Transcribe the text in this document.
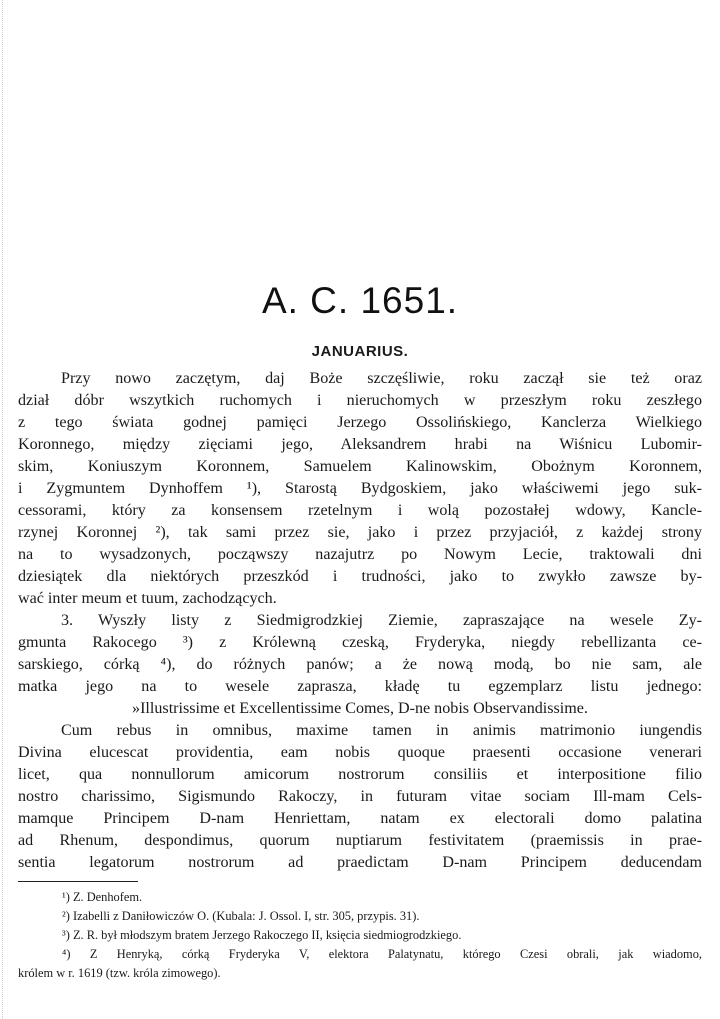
A. C. 1651.
JANUARIUS.
Przy nowo zaczętym, daj Boże szczęśliwie, roku zaczął sie też oraz
dział dóbr wszytkich ruchomych i nieruchomych w przeszłym roku zeszłego
z tego świata godnej pamięci Jerzego Ossolińskiego, Kanclerza Wielkiego
Koronnego, między zięciami jego, Aleksandrem hrabi na Wiśnicu Lubomir-
skim, Koniuszym Koronnem, Samuelem Kalinowskim, Obożnym Koronnem,
i Zygmuntem Dynhoffem ¹), Starostą Bydgoskiem, jako właściwemi jego suk-
cessorami, który za konsensem rzetelnym i wolą pozostałej wdowy, Kancle-
rzynej Koronnej ²), tak sami przez sie, jako i przez przyjaciół, z każdej strony
na to wysadzonych, począwszy nazajutrz po Nowym Lecie, traktowali dni
dziesiątek dla niektórych przeszkód i trudności, jako to zwykło zawsze by-
wać inter meum et tuum, zachodzących.
3. Wyszły listy z Siedmigrodzkiej Ziemie, zapraszające na wesele Zy-
gmunta Rakocego ³) z Królewną czeską, Fryderyka, niegdy rebellizanta ce-
sarskiego, córką ⁴), do różnych panów; a że nową modą, bo nie sam, ale
matka jego na to wesele zaprasza, kładę tu egzemplarz listu jednego:
»Illustrissime et Excellentissime Comes, D-ne nobis Observandissime.
Cum rebus in omnibus, maxime tamen in animis matrimonio iungendis
Divina elucescat providentia, eam nobis quoque praesenti occasione venerari
licet, qua nonnullorum amicorum nostrorum consiliis et interpositione filio
nostro charissimo, Sigismundo Rakoczy, in futuram vitae sociam Ill-mam Cels-
mamque Principem D-nam Henriettam, natam ex electorali domo palatina
ad Rhenum, despondimus, quorum nuptiarum festivitatem (praemissis in prae-
sentia legatorum nostrorum ad praedictam D-nam Principem deducendam
¹) Z. Denhofem.
²) Izabelli z Daniłowiczów O. (Kubala: J. Ossol. I, str. 305, przypis. 31).
³) Z. R. był młodszym bratem Jerzego Rakoczego II, księcia siedmiogrodzkiego.
⁴) Z Henryką, córką Fryderyka V, elektora Palatynatu, którego Czesi obrali, jak wiadomo,
królem w r. 1619 (tzw. króla zimowego).
